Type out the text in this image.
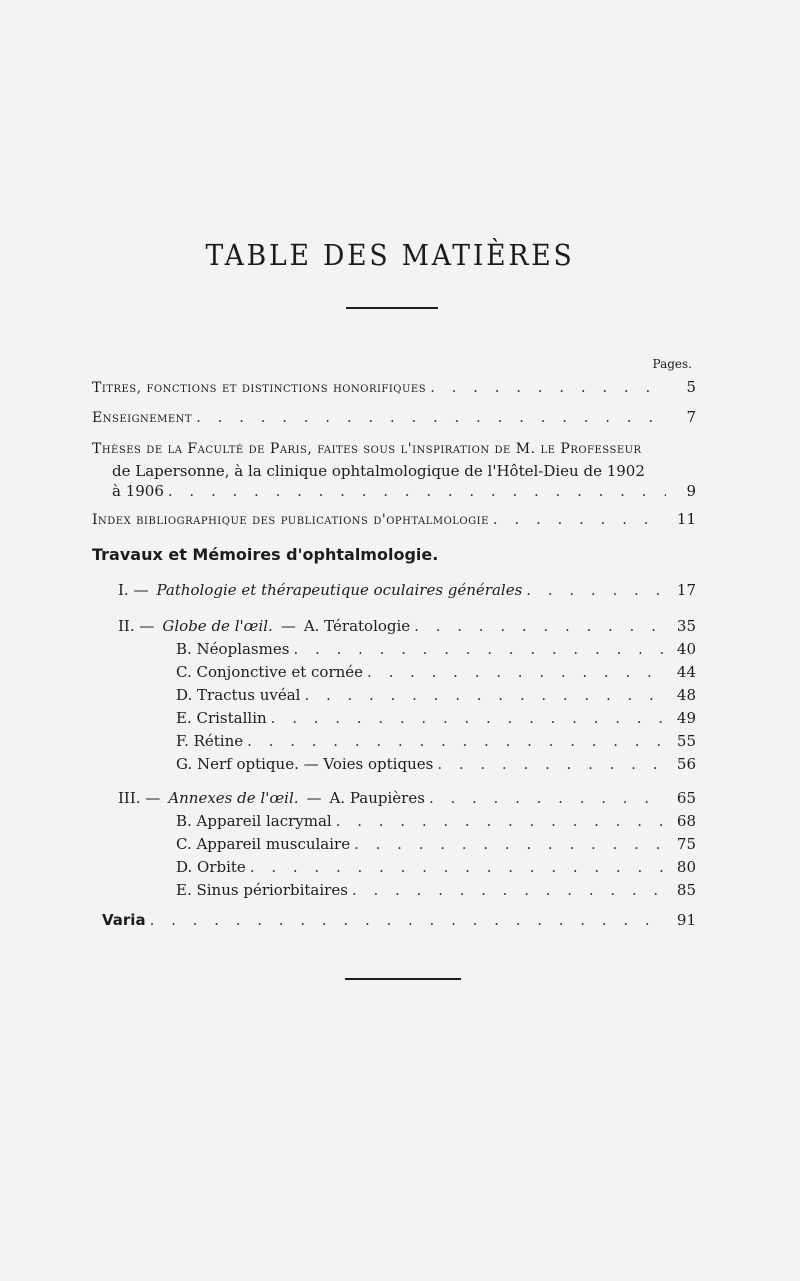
TABLE DES MATIÈRES
Pages.
Titres, fonctions et distinctions honorifiques . . .	5
Enseignement . . .	7
Thèses de la Faculté de Paris, faites sous l'inspiration de M. le Professeur
de Lapersonne, à la clinique ophtalmologique de l'Hôtel-Dieu de 1902
à 1906 . . .	9
Index bibliographique des publications d'ophtalmologie . . .	11
Travaux et Mémoires d'ophtalmologie.
I. — Pathologie et thérapeutique oculaires générales . . .	17
II. — Globe de l'œil. — A. Tératologie . . .	35
B. Néoplasmes . . .	40
C. Conjonctive et cornée . . .	44
D. Tractus uvéal . . .	48
E. Cristallin . . .	49
F. Rétine . . .	55
G. Nerf optique. — Voies optiques . . .	56
III. — Annexes de l'œil. — A. Paupières . . .	65
B. Appareil lacrymal . . .	68
C. Appareil musculaire . . .	75
D. Orbite . . .	80
E. Sinus périorbitaires . . .	85
Varia . . .	91
